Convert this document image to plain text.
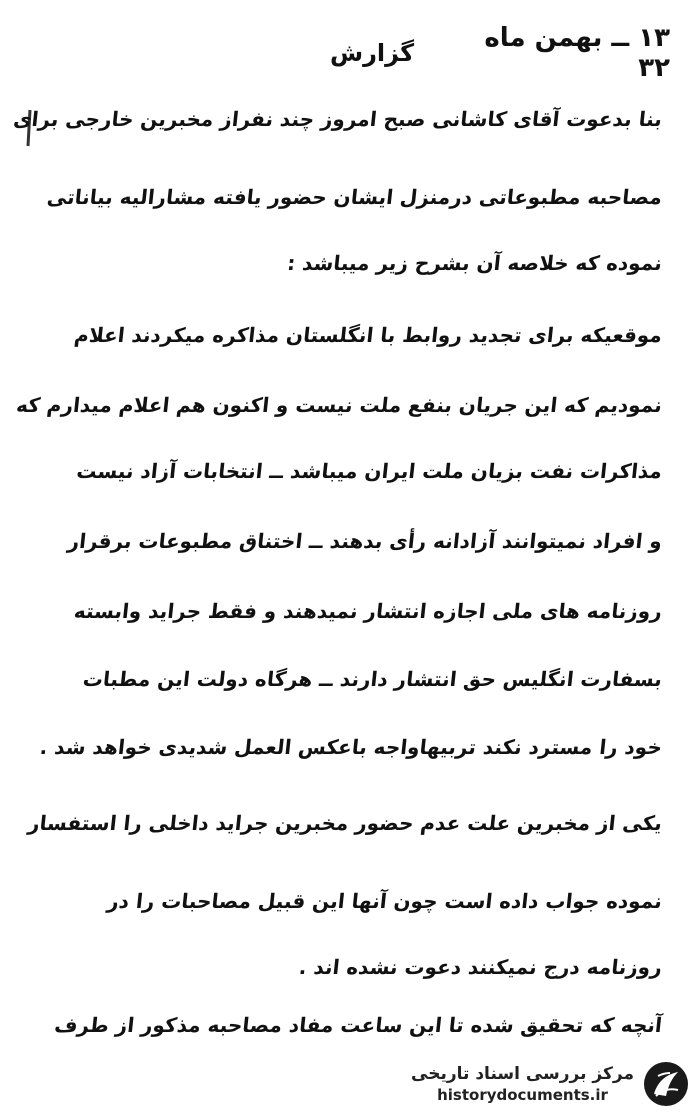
۱۳ ــ بهمن ماه ۳۲
گزارش
بنا بدعوت آقای کاشانی صبح امروز چند نفراز مخبرین خارجی برای
مصاحبه مطبوعاتی درمنزل ایشان حضور یافته مشارالیه بیاناتی
نموده که خلاصه آن بشرح زیر میباشد :
موقعیکه برای تجدید روابط با انگلستان مذاکره میکردند اعلام
نمودیم که این جریان بنفع ملت نیست و اکنون هم اعلام میدارم که
مذاکرات نفت بزیان ملت ایران میباشد ــ انتخابات آزاد نیست
و افراد نمیتوانند آزادانه رأی بدهند ــ اختناق مطبوعات برقرار
روزنامه های ملی اجازه انتشار نمیدهند و فقط جراید وابسته
بسفارت انگلیس حق انتشار دارند ــ هرگاه دولت این مطبات
خود را مسترد نکند تربیهاواجه باعکس العمل شدیدی خواهد شد .
یکی از مخبرین علت عدم حضور مخبرین جراید داخلی را استفسار
نموده جواب داده است چون آنها این قبیل مصاحبات را در
روزنامه درج نمیکنند دعوت نشده اند .
آنچه که تحقیق شده تا این ساعت مفاد مصاحبه مذکور از طرف
مرکز بررسی اسناد تاریخی
historydocuments.ir
